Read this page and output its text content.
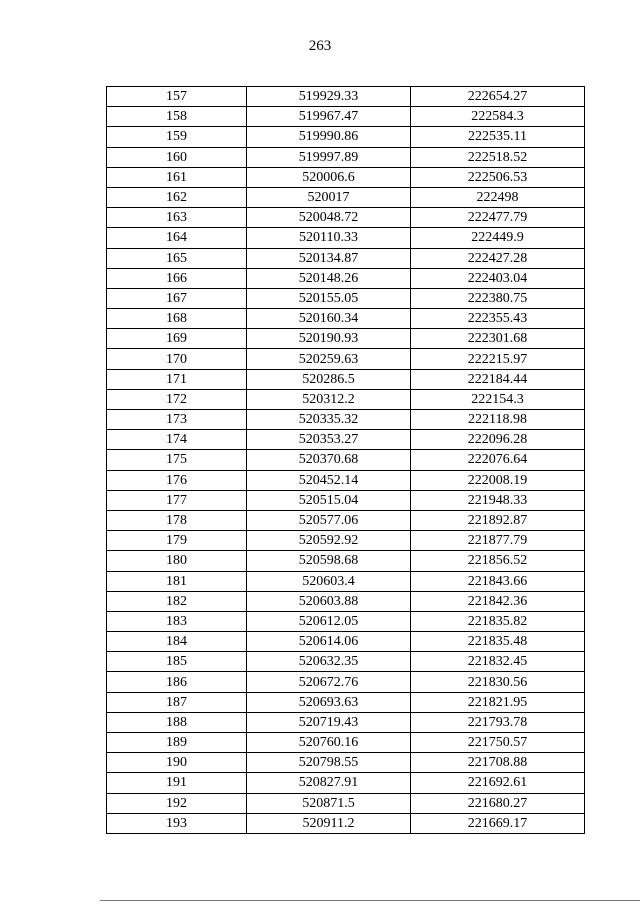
263
157	519929.33	222654.27
158	519967.47	222584.3
159	519990.86	222535.11
160	519997.89	222518.52
161	520006.6	222506.53
162	520017	222498
163	520048.72	222477.79
164	520110.33	222449.9
165	520134.87	222427.28
166	520148.26	222403.04
167	520155.05	222380.75
168	520160.34	222355.43
169	520190.93	222301.68
170	520259.63	222215.97
171	520286.5	222184.44
172	520312.2	222154.3
173	520335.32	222118.98
174	520353.27	222096.28
175	520370.68	222076.64
176	520452.14	222008.19
177	520515.04	221948.33
178	520577.06	221892.87
179	520592.92	221877.79
180	520598.68	221856.52
181	520603.4	221843.66
182	520603.88	221842.36
183	520612.05	221835.82
184	520614.06	221835.48
185	520632.35	221832.45
186	520672.76	221830.56
187	520693.63	221821.95
188	520719.43	221793.78
189	520760.16	221750.57
190	520798.55	221708.88
191	520827.91	221692.61
192	520871.5	221680.27
193	520911.2	221669.17
